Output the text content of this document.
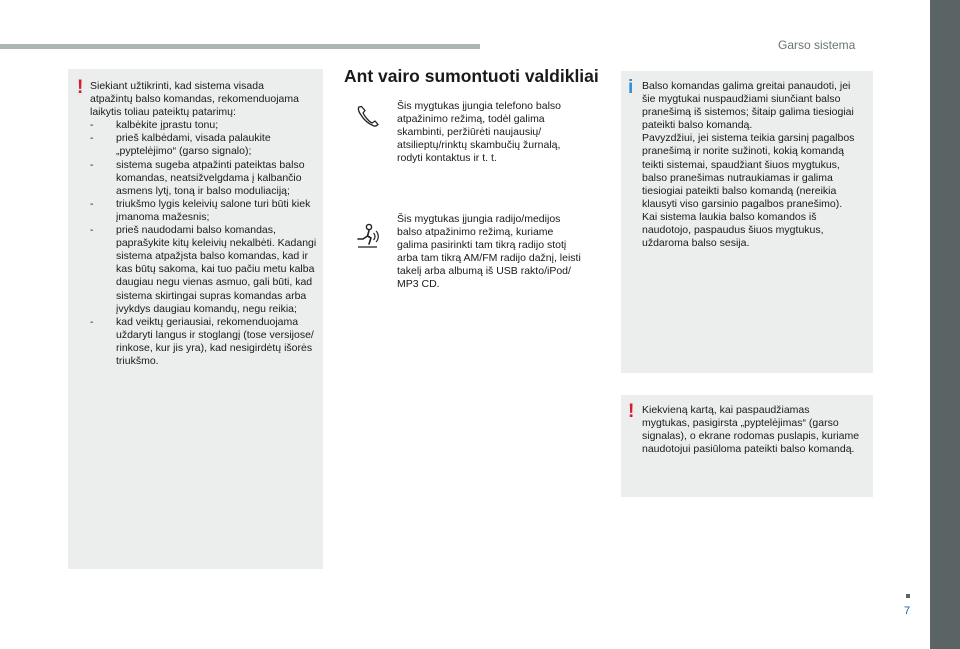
Garso sistema
7
! Siekiant užtikrinti, kad sistema visada
atpažintų balso komandas, rekomenduojama
laikytis toliau pateiktų patarimų:
- kalbėkite įprastu tonu;
- prieš kalbėdami, visada palaukite
„pyptelėjimo“ (garso signalo);
- sistema sugeba atpažinti pateiktas balso
komandas, neatsižvelgdama į kalbančio
asmens lytį, toną ir balso moduliaciją;
- triukšmo lygis keleivių salone turi būti kiek
įmanoma mažesnis;
- prieš naudodami balso komandas,
paprašykite kitų keleivių nekalbėti. Kadangi
sistema atpažįsta balso komandas, kad ir
kas būtų sakoma, kai tuo pačiu metu kalba
daugiau negu vienas asmuo, gali būti, kad
sistema skirtingai supras komandas arba
įvykdys daugiau komandų, negu reikia;
- kad veiktų geriausiai, rekomenduojama
uždaryti langus ir stoglangį (tose versijose/
rinkose, kur jis yra), kad nesigirdėtų išorės
triukšmo.
Ant vairo sumontuoti valdikliai
Šis mygtukas įjungia telefono balso
atpažinimo režimą, todėl galima
skambinti, peržiūrėti naujausių/
atsilieptų/rinktų skambučių žurnalą,
rodyti kontaktus ir t. t.
Šis mygtukas įjungia radijo/medijos
balso atpažinimo režimą, kuriame
galima pasirinkti tam tikrą radijo stotį
arba tam tikrą AM/FM radijo dažnį, leisti
takelį arba albumą iš USB rakto/iPod/
MP3 CD.
i Balso komandas galima greitai panaudoti, jei
šie mygtukai nuspaudžiami siunčiant balso
pranešimą iš sistemos; šitaip galima tiesiogiai
pateikti balso komandą.
Pavyzdžiui, jei sistema teikia garsinį pagalbos
pranešimą ir norite sužinoti, kokią komandą
teikti sistemai, spaudžiant šiuos mygtukus,
balso pranešimas nutraukiamas ir galima
tiesiogiai pateikti balso komandą (nereikia
klausyti viso garsinio pagalbos pranešimo).
Kai sistema laukia balso komandos iš
naudotojo, paspaudus šiuos mygtukus,
uždaroma balso sesija.
! Kiekvieną kartą, kai paspaudžiamas
mygtukas, pasigirsta „pyptelėjimas“ (garso
signalas), o ekrane rodomas puslapis, kuriame
naudotojui pasiūloma pateikti balso komandą.
